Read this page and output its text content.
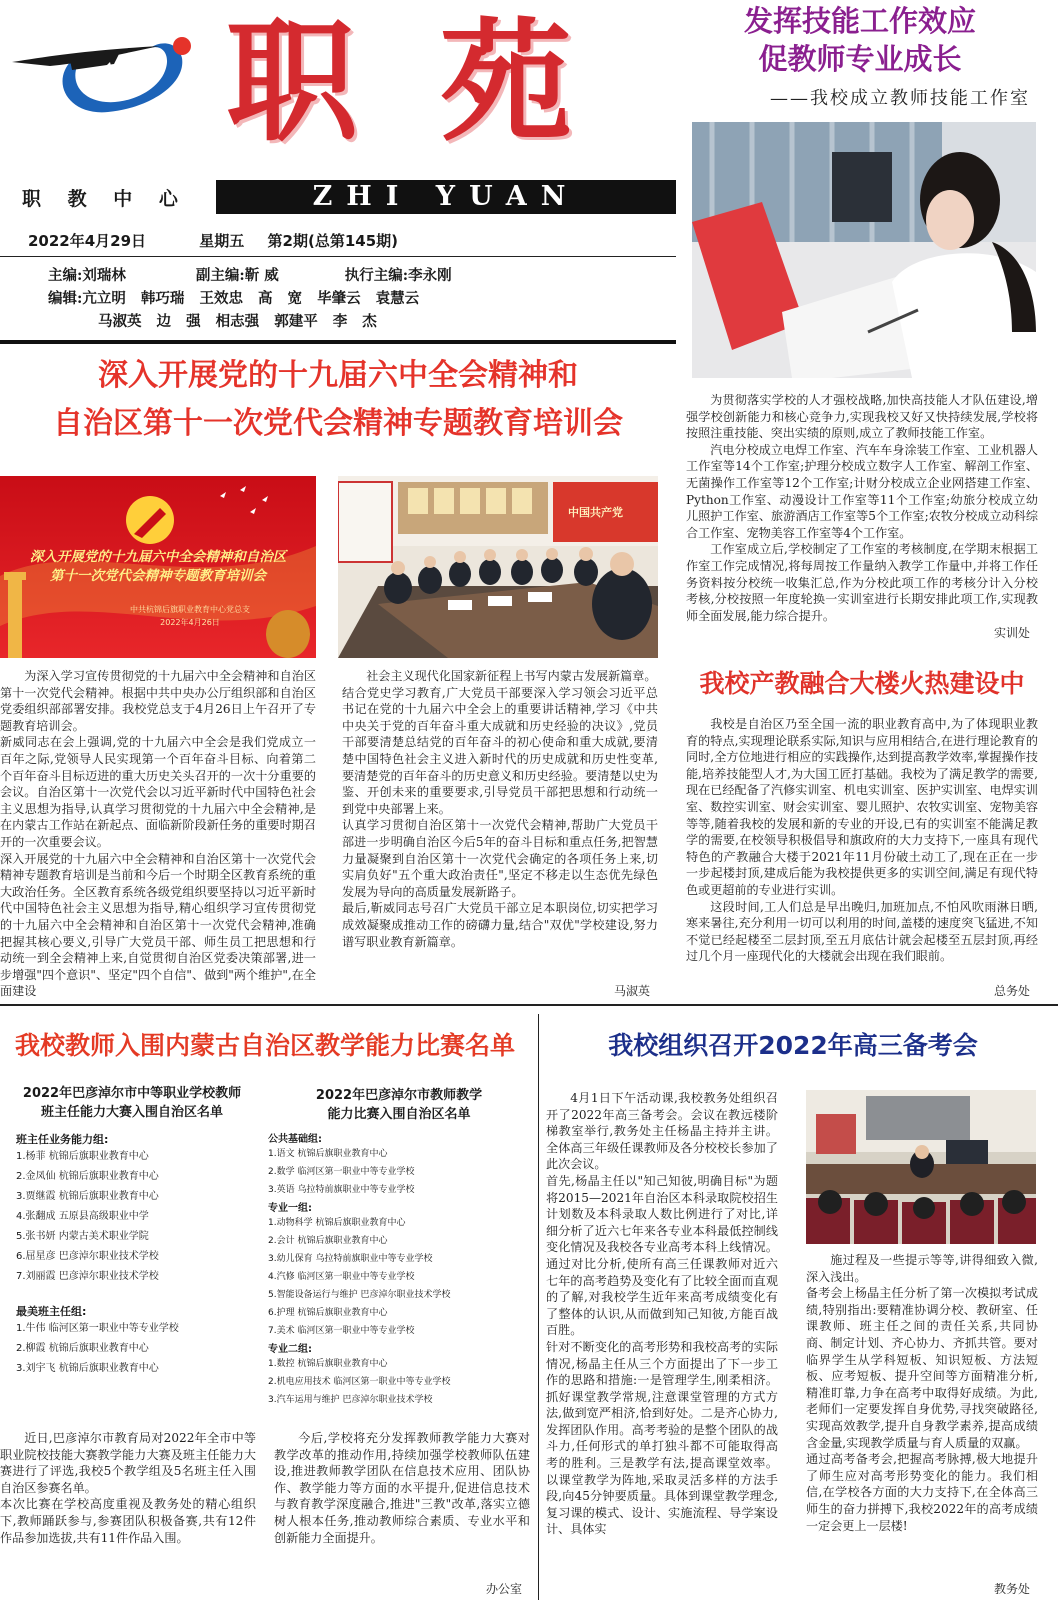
职 苑
职 教 中 心	ZHI YUAN
2022年4月29日	星期五 第2期(总第145期)
主编:刘瑞林	副主编:靳 威	执行主编:李永刚
编辑:亢立明 韩巧瑞 王效忠 高 宽 毕肇云 袁慧云
马淑英 边 强 相志强 郭建平 李 杰
发挥技能工作效应
促教师专业成长
——我校成立教师技能工作室

为贯彻落实学校的人才强校战略,加快高技能人才队伍建设,增强学校创新能力和核心竞争力,实现我校又好又快持续发展,学校将按照注重技能、突出实绩的原则,成立了教师技能工作室。

汽电分校成立电焊工作室、汽车车身涂装工作室、工业机器人工作室等14个工作室;护理分校成立数字人工作室、解剖工作室、无菌操作工作室等12个工作室;计财分校成立企业网搭建工作室、Python工作室、动漫设计工作室等11个工作室;幼旅分校成立幼儿照护工作室、旅游酒店工作室等5个工作室;农牧分校成立动科综合工作室、宠物美容工作室等4个工作室。

工作室成立后,学校制定了工作室的考核制度,在学期末根据工作室工作完成情况,将每周按工作量纳入教学工作量中,并将工作任务资料按分校统一收集汇总,作为分校此项工作的考核分计入分校考核,分校按照一年度轮换一实训室进行长期安排此项工作,实现教师全面发展,能力综合提升。

实训处
深入开展党的十九届六中全会精神和
自治区第十一次党代会精神专题教育培训会
深入开展党的十九届六中全会精神和自治区
第十一次党代会精神专题教育培训会
中共杭锦后旗职业教育中心党总支
2022年4月26日
中国共产党
为深入学习宣传贯彻党的十九届六中全会精神和自治区第十一次党代会精神。根据中共中央办公厅组织部和自治区党委组织部部署安排。我校党总支于4月26日上午召开了专题教育培训会。
新威同志在会上强调,党的十九届六中全会是我们党成立一百年之际,党领导人民实现第一个百年奋斗目标、向着第二个百年奋斗目标迈进的重大历史关头召开的一次十分重要的会议。自治区第十一次党代会以习近平新时代中国特色社会主义思想为指导,认真学习贯彻党的十九届六中全会精神,是在内蒙古工作站在新起点、面临新阶段新任务的重要时期召开的一次重要会议。
深入开展党的十九届六中全会精神和自治区第十一次党代会精神专题教育培训是当前和今后一个时期全区教育系统的重大政治任务。全区教育系统各级党组织要坚持以习近平新时代中国特色社会主义思想为指导,精心组织学习宣传贯彻党的十九届六中全会精神和自治区第十一次党代会精神,准确把握其核心要义,引导广大党员干部、师生员工把思想和行动统一到全会精神上来,自觉贯彻自治区党委决策部署,进一步增强"四个意识"、坚定"四个自信"、做到"两个维护",在全面建设
社会主义现代化国家新征程上书写内蒙古发展新篇章。
结合党史学习教育,广大党员干部要深入学习领会习近平总书记在党的十九届六中全会上的重要讲话精神,学习《中共中央关于党的百年奋斗重大成就和历史经验的决议》,党员干部要清楚总结党的百年奋斗的初心使命和重大成就,要清楚中国特色社会主义进入新时代的历史成就和历史性变革,要清楚党的百年奋斗的历史意义和历史经验。要清楚以史为鉴、开创未来的重要要求,引导党员干部把思想和行动统一到党中央部署上来。
认真学习贯彻自治区第十一次党代会精神,帮助广大党员干部进一步明确自治区今后5年的奋斗目标和重点任务,把智慧力量凝聚到自治区第十一次党代会确定的各项任务上来,切实肩负好"五个重大政治责任",坚定不移走以生态优先绿色发展为导向的高质量发展新路子。
最后,靳威同志号召广大党员干部立足本职岗位,切实把学习成效凝聚成推动工作的磅礴力量,结合"双优"学校建设,努力谱写职业教育新篇章。
马淑英
我校产教融合大楼火热建设中

我校是自治区乃至全国一流的职业教育高中,为了体现职业教育的特点,实现理论联系实际,知识与应用相结合,在进行理论教育的同时,全方位地进行相应的实践操作,达到提高教学效率,掌握操作技能,培养技能型人才,为大国工匠打基础。我校为了满足教学的需要,现在已经配备了汽修实训室、机电实训室、医护实训室、电焊实训室、数控实训室、财会实训室、婴儿照护、农牧实训室、宠物美容等等,随着我校的发展和新的专业的开设,已有的实训室不能满足教学的需要,在校领导积极倡导和旗政府的大力支持下,一座具有现代特色的产教融合大楼于2021年11月份破土动工了,现在正在一步一步起楼封顶,建成后能为我校提供更多的实训空间,满足有现代特色或更超前的专业进行实训。

这段时间,工人们总是早出晚归,加班加点,不怕风吹雨淋日晒,寒来暑往,充分利用一切可以利用的时间,盖楼的速度突飞猛进,不知不觉已经起楼至二层封顶,至五月底估计就会起楼至五层封顶,再经过几个月一座现代化的大楼就会出现在我们眼前。

总务处
我校教师入围内蒙古自治区教学能力比赛名单
2022年巴彦淖尔市中等职业学校教师
班主任能力大赛入围自治区名单
班主任业务能力组:
1.杨菲 杭锦后旗职业教育中心
2.金凤仙 杭锦后旗职业教育中心
3.贾继霞 杭锦后旗职业教育中心
4.张翻成 五原县高级职业中学
5.张书妍 内蒙古美术职业学院
6.屈星彦 巴彦淖尔职业技术学校
7.刘丽霞 巴彦淖尔职业技术学校
最美班主任组:
1.牛伟 临河区第一职业中等专业学校
2.柳霞 杭锦后旗职业教育中心
3.刘宇飞 杭锦后旗职业教育中心
2022年巴彦淖尔市教师教学
能力比赛入围自治区名单
公共基础组:
1.语文 杭锦后旗职业教育中心
2.数学 临河区第一职业中等专业学校
3.英语 乌拉特前旗职业中等专业学校
专业一组:
1.动物科学 杭锦后旗职业教育中心
2.会计 杭锦后旗职业教育中心
3.幼儿保育 乌拉特前旗职业中等专业学校
4.汽修 临河区第一职业中等专业学校
5.智能设备运行与维护 巴彦淖尔职业技术学校
6.护理 杭锦后旗职业教育中心
7.美术 临河区第一职业中等专业学校
专业二组:
1.数控 杭锦后旗职业教育中心
2.机电应用技术 临河区第一职业中等专业学校
3.汽车运用与维护 巴彦淖尔职业技术学校
近日,巴彦淖尔市教育局对2022年全市中等职业院校技能大赛教学能力大赛及班主任能力大赛进行了评选,我校5个教学组及5名班主任入围自治区参赛名单。
本次比赛在学校高度重视及教务处的精心组织下,教师踊跃参与,参赛团队积极备赛,共有12件作品参加选拔,共有11件作品入围。
今后,学校将充分发挥教师教学能力大赛对教学改革的推动作用,持续加强学校教师队伍建设,推进教师教学团队在信息技术应用、团队协作、教学能力等方面的水平提升,促进信息技术与教育教学深度融合,推进"三教"改革,落实立德树人根本任务,推动教师综合素质、专业水平和创新能力全面提升。
办公室
我校组织召开2022年高三备考会
4月1日下午活动课,我校教务处组织召开了2022年高三备考会。会议在教远楼阶梯教室举行,教务处主任杨晶主持并主讲。全体高三年级任课教师及各分校校长参加了此次会议。
首先,杨晶主任以"知己知彼,明确目标"为题将2015—2021年自治区本科录取院校招生计划数及本科录取人数比例进行了对比,详细分析了近六七年来各专业本科最低控制线变化情况及我校各专业高考本科上线情况。通过对比分析,使所有高三任课教师对近六七年的高考趋势及变化有了比较全面而直观的了解,对我校学生近年来高考成绩变化有了整体的认识,从而做到知己知彼,方能百战百胜。
针对不断变化的高考形势和我校高考的实际情况,杨晶主任从三个方面提出了下一步工作的思路和措施:一是管理学生,刚柔相济。抓好课堂教学常规,注意课堂管理的方式方法,做到宽严相济,恰到好处。二是齐心协力,发挥团队作用。高考考验的是整个团队的战斗力,任何形式的单打独斗都不可能取得高考的胜利。三是教学有法,提高课堂效率。以课堂教学为阵地,采取灵活多样的方法手段,向45分钟要质量。具体到课堂教学理念,复习课的模式、设计、实施流程、导学案设计、具体实
施过程及一些提示等等,讲得细致入微,深入浅出。
备考会上杨晶主任分析了第一次模拟考试成绩,特别指出:要精准协调分校、教研室、任课教师、班主任之间的责任关系,共同协商、制定计划、齐心协力、齐抓共管。要对临界学生从学科短板、知识短板、方法短板、应考短板、提升空间等方面精准分析,精准盯靠,力争在高考中取得好成绩。为此,老师们一定要发挥自身优势,寻找突破路径,实现高效教学,提升自身教学素养,提高成绩含金量,实现教学质量与育人质量的双赢。
通过高考备考会,把握高考脉搏,极大地提升了师生应对高考形势变化的能力。我们相信,在学校各方面的大力支持下,在全体高三师生的奋力拼搏下,我校2022年的高考成绩一定会更上一层楼!
教务处
